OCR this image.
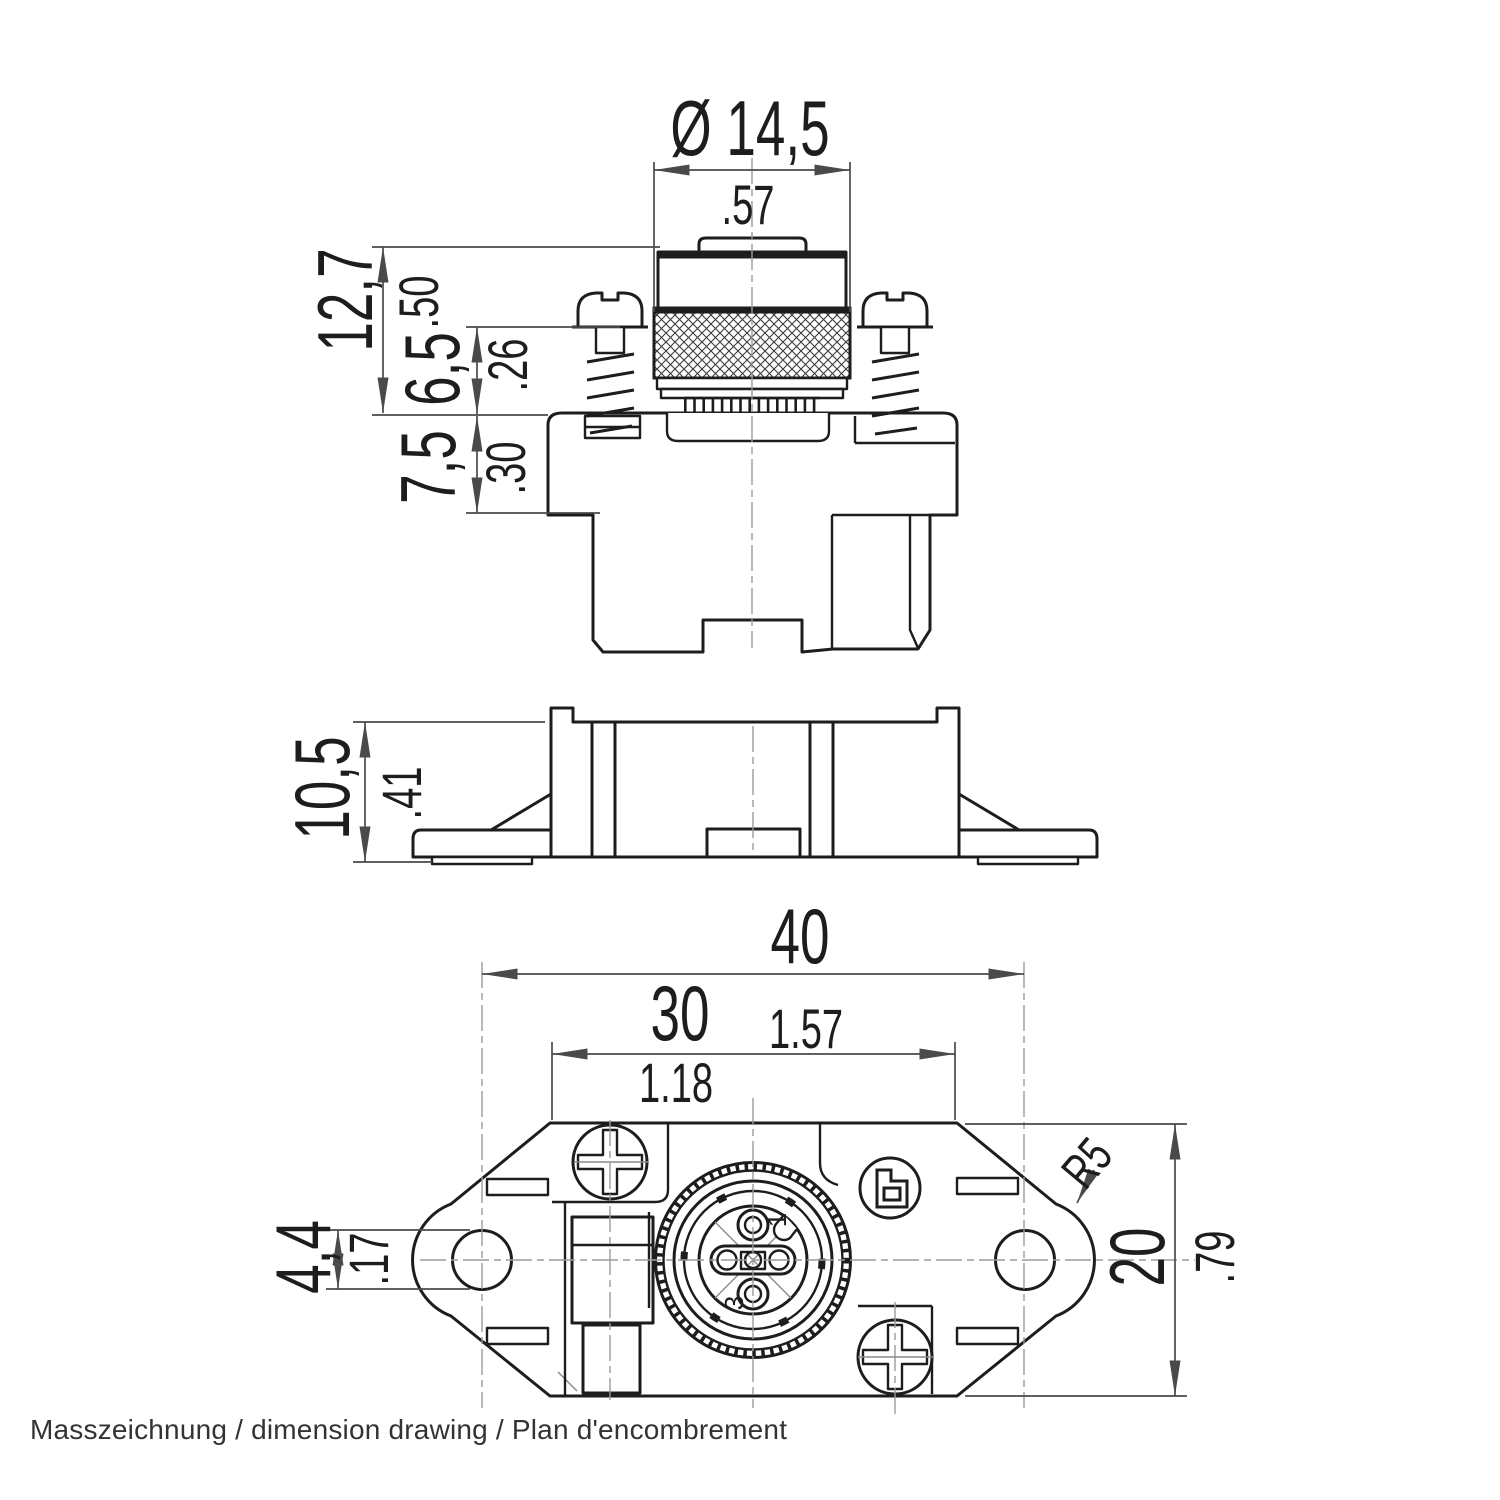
Ø 14,5
.57
12,7 .50
6,5 .26
7,5 .30
10,5 .41
1
3
40
1.57
30
1.18
4,4
.17	20 .79
R5
Masszeichnung / dimension drawing / Plan d'encombrement
